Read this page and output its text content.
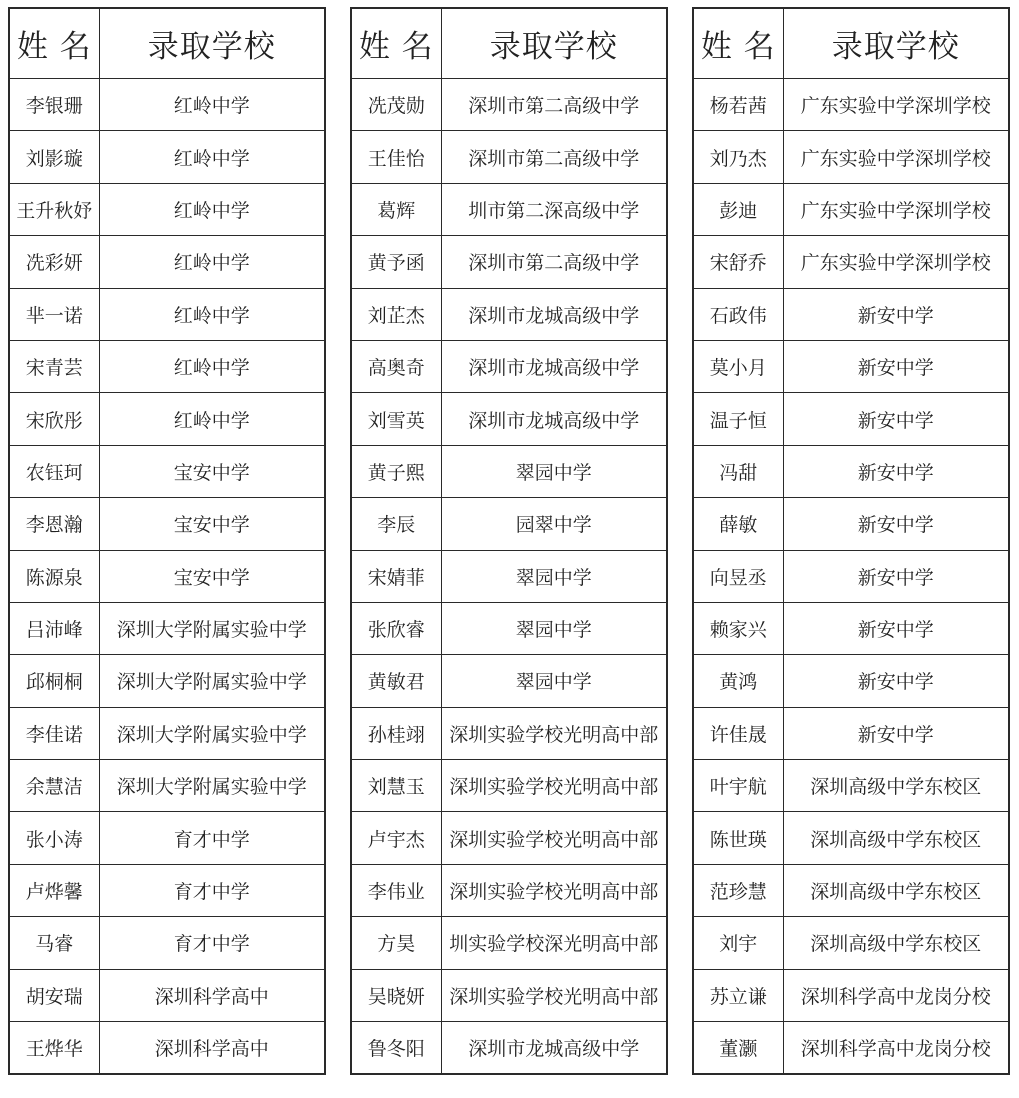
姓 名	录取学校
李银珊	红岭中学
刘影璇	红岭中学
王升秋妤	红岭中学
冼彩妍	红岭中学
芈一诺	红岭中学
宋青芸	红岭中学
宋欣彤	红岭中学
农钰珂	宝安中学
李恩瀚	宝安中学
陈源泉	宝安中学
吕沛峰	深圳大学附属实验中学
邱桐桐	深圳大学附属实验中学
李佳诺	深圳大学附属实验中学
余慧洁	深圳大学附属实验中学
张小涛	育才中学
卢烨馨	育才中学
马睿	育才中学
胡安瑞	深圳科学高中
王烨华	深圳科学高中
姓 名	录取学校
冼茂勋	深圳市第二高级中学
王佳怡	深圳市第二高级中学
葛辉	圳市第二深高级中学
黄予函	深圳市第二高级中学
刘芷杰	深圳市龙城高级中学
高奥奇	深圳市龙城高级中学
刘雪英	深圳市龙城高级中学
黄子熙	翠园中学
李辰	园翠中学
宋婧菲	翠园中学
张欣睿	翠园中学
黄敏君	翠园中学
孙桂翊	深圳实验学校光明高中部
刘慧玉	深圳实验学校光明高中部
卢宇杰	深圳实验学校光明高中部
李伟业	深圳实验学校光明高中部
方昊	圳实验学校深光明高中部
吴晓妍	深圳实验学校光明高中部
鲁冬阳	深圳市龙城高级中学
姓 名	录取学校
杨若茜	广东实验中学深圳学校
刘乃杰	广东实验中学深圳学校
彭迪	广东实验中学深圳学校
宋舒乔	广东实验中学深圳学校
石政伟	新安中学
莫小月	新安中学
温子恒	新安中学
冯甜	新安中学
薛敏	新安中学
向昱丞	新安中学
赖家兴	新安中学
黄鸿	新安中学
许佳晟	新安中学
叶宇航	深圳高级中学东校区
陈世瑛	深圳高级中学东校区
范珍慧	深圳高级中学东校区
刘宇	深圳高级中学东校区
苏立谦	深圳科学高中龙岗分校
董灏	深圳科学高中龙岗分校
